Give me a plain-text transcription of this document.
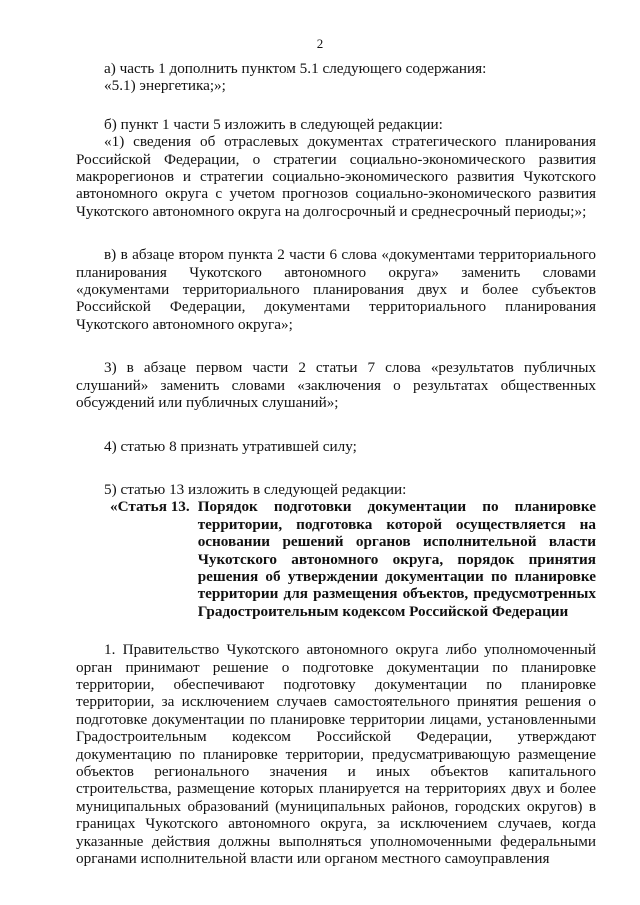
2

а) часть 1 дополнить пунктом 5.1 следующего содержания:

«5.1) энергетика;»;

б) пункт 1 части 5 изложить в следующей редакции:

«1) сведения об отраслевых документах стратегического планирования Российской Федерации, о стратегии социально-экономического развития макрорегионов и стратегии социально-экономического развития Чукотского автономного округа с учетом прогнозов социально-экономического развития Чукотского автономного округа на долгосрочный и среднесрочный периоды;»;

в) в абзаце втором пункта 2 части 6 слова «документами территориального планирования Чукотского автономного округа» заменить словами «документами территориального планирования двух и более субъектов Российской Федерации, документами территориального планирования Чукотского автономного округа»;

3) в абзаце первом части 2 статьи 7 слова «результатов публичных слушаний» заменить словами «заключения о результатах общественных обсуждений или публичных слушаний»;

4) статью 8 признать утратившей силу;

5) статью 13 изложить в следующей редакции:

«Статья 13. Порядок подготовки документации по планировке территории, подготовка которой осуществляется на основании решений органов исполнительной власти Чукотского автономного округа, порядок принятия решения об утверждении документации по планировке территории для размещения объектов, предусмотренных Градостроительным кодексом Российской Федерации

1. Правительство Чукотского автономного округа либо уполномоченный орган принимают решение о подготовке документации по планировке территории, обеспечивают подготовку документации по планировке территории, за исключением случаев самостоятельного принятия решения о подготовке документации по планировке территории лицами, установленными Градостроительным кодексом Российской Федерации, утверждают документацию по планировке территории, предусматривающую размещение объектов регионального значения и иных объектов капитального строительства, размещение которых планируется на территориях двух и более муниципальных образований (муниципальных районов, городских округов) в границах Чукотского автономного округа, за исключением случаев, когда указанные действия должны выполняться уполномоченными федеральными органами исполнительной власти или органом местного самоуправления
